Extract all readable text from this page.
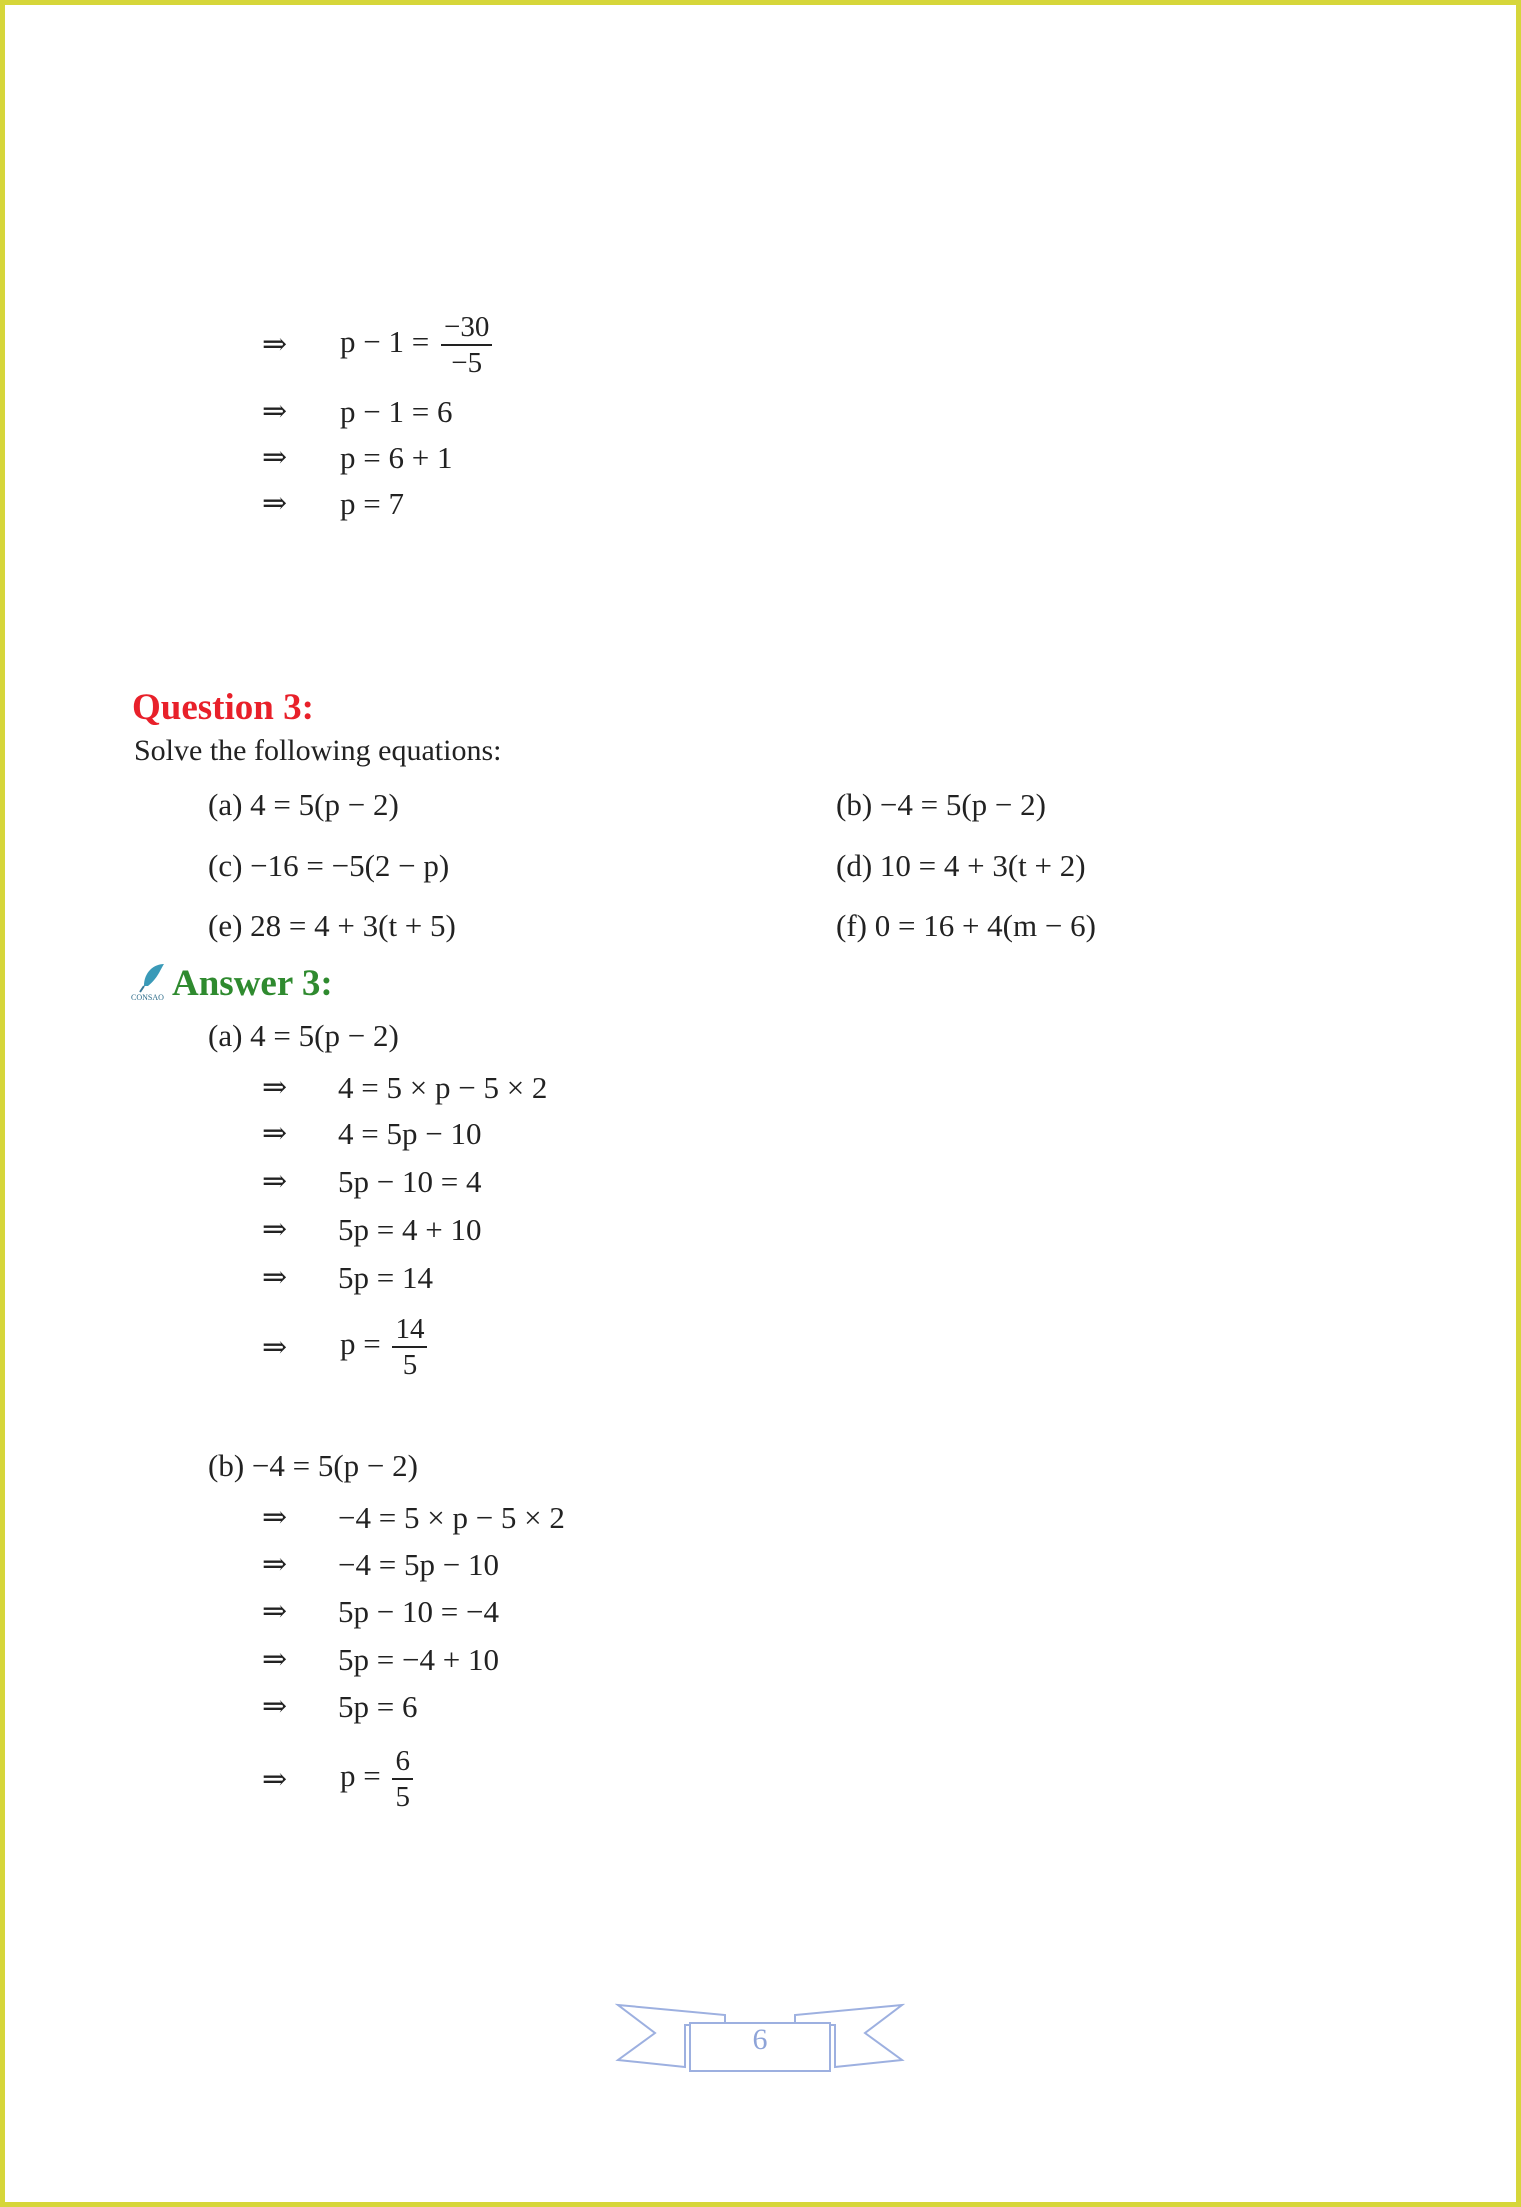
⇒ $p - 1 = \frac{-30}{-5}$
⇒ p − 1 = 6
⇒ p = 6 + 1
⇒ p = 7
Question 3:
Solve the following equations:
(a) 4 = 5(p − 2)	(b) −4 = 5(p − 2)
(c) −16 = −5(2 − p)	(d) 10 = 4 + 3(t + 2)
(e) 28 = 4 + 3(t + 5)	(f) 0 = 16 + 4(m − 6)
CONSAO Answer 3:
(a) 4 = 5(p − 2)
⇒ 4 = 5 × p − 5 × 2
⇒ 4 = 5p − 10
⇒ 5p − 10 = 4
⇒ 5p = 4 + 10
⇒ 5p = 14
⇒ $p = \frac{14}{5}$
(b) −4 = 5(p − 2)
⇒ −4 = 5 × p − 5 × 2
⇒ −4 = 5p − 10
⇒ 5p − 10 = −4
⇒ 5p = −4 + 10
⇒ 5p = 6
⇒ $p = \frac{6}{5}$
6
